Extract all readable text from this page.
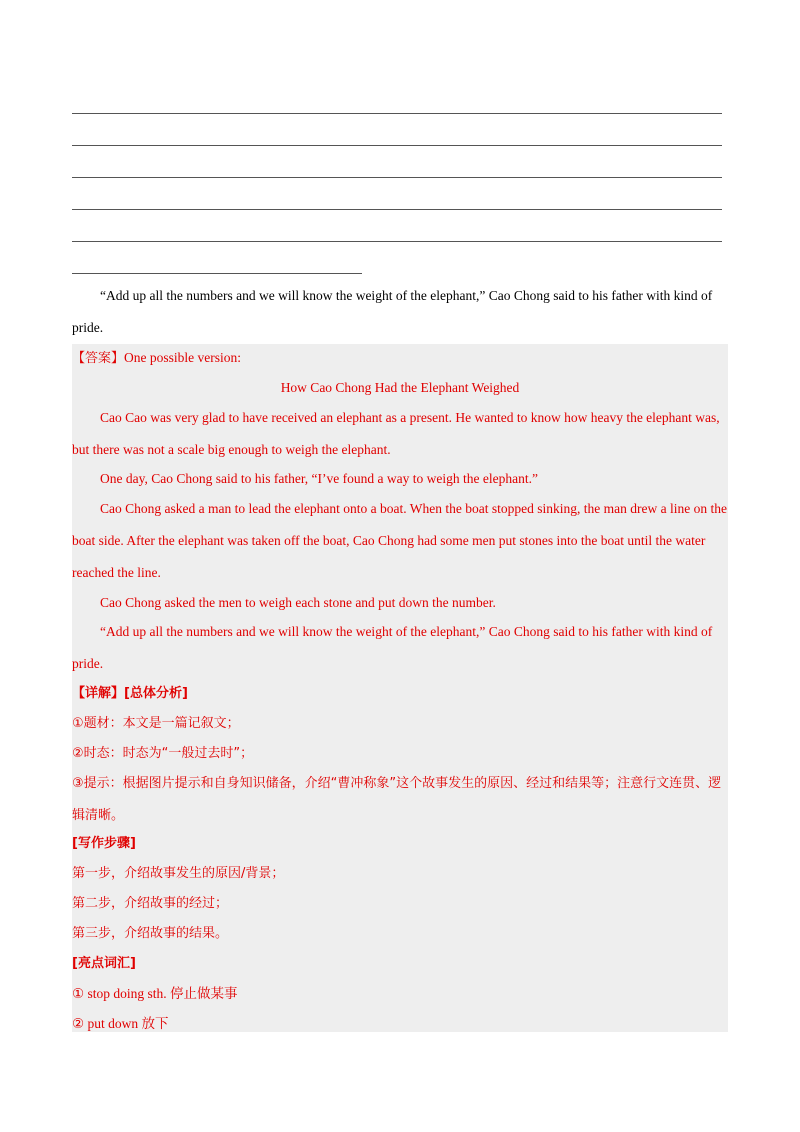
“Add up all the numbers and we will know the weight of the elephant,” Cao Chong said to his father with kind of pride.
【答案】One possible version:
How Cao Chong Had the Elephant Weighed
Cao Cao was very glad to have received an elephant as a present. He wanted to know how heavy the elephant was, but there was not a scale big enough to weigh the elephant.
One day, Cao Chong said to his father, “I’ve found a way to weigh the elephant.”
Cao Chong asked a man to lead the elephant onto a boat. When the boat stopped sinking, the man drew a line on the boat side. After the elephant was taken off the boat, Cao Chong had some men put stones into the boat until the water reached the line.
Cao Chong asked the men to weigh each stone and put down the number.
“Add up all the numbers and we will know the weight of the elephant,” Cao Chong said to his father with kind of pride.
【详解】[总体分析]
①题材：本文是一篇记叙文；
②时态：时态为“一般过去时”；
③提示：根据图片提示和自身知识储备，介绍“曹冲称象”这个故事发生的原因、经过和结果等；注意行文连贯、逻辑清晰。
[写作步骤]
第一步，介绍故事发生的原因/背景；
第二步，介绍故事的经过；
第三步，介绍故事的结果。
[亮点词汇]
① stop doing sth. 停止做某事
② put down 放下
